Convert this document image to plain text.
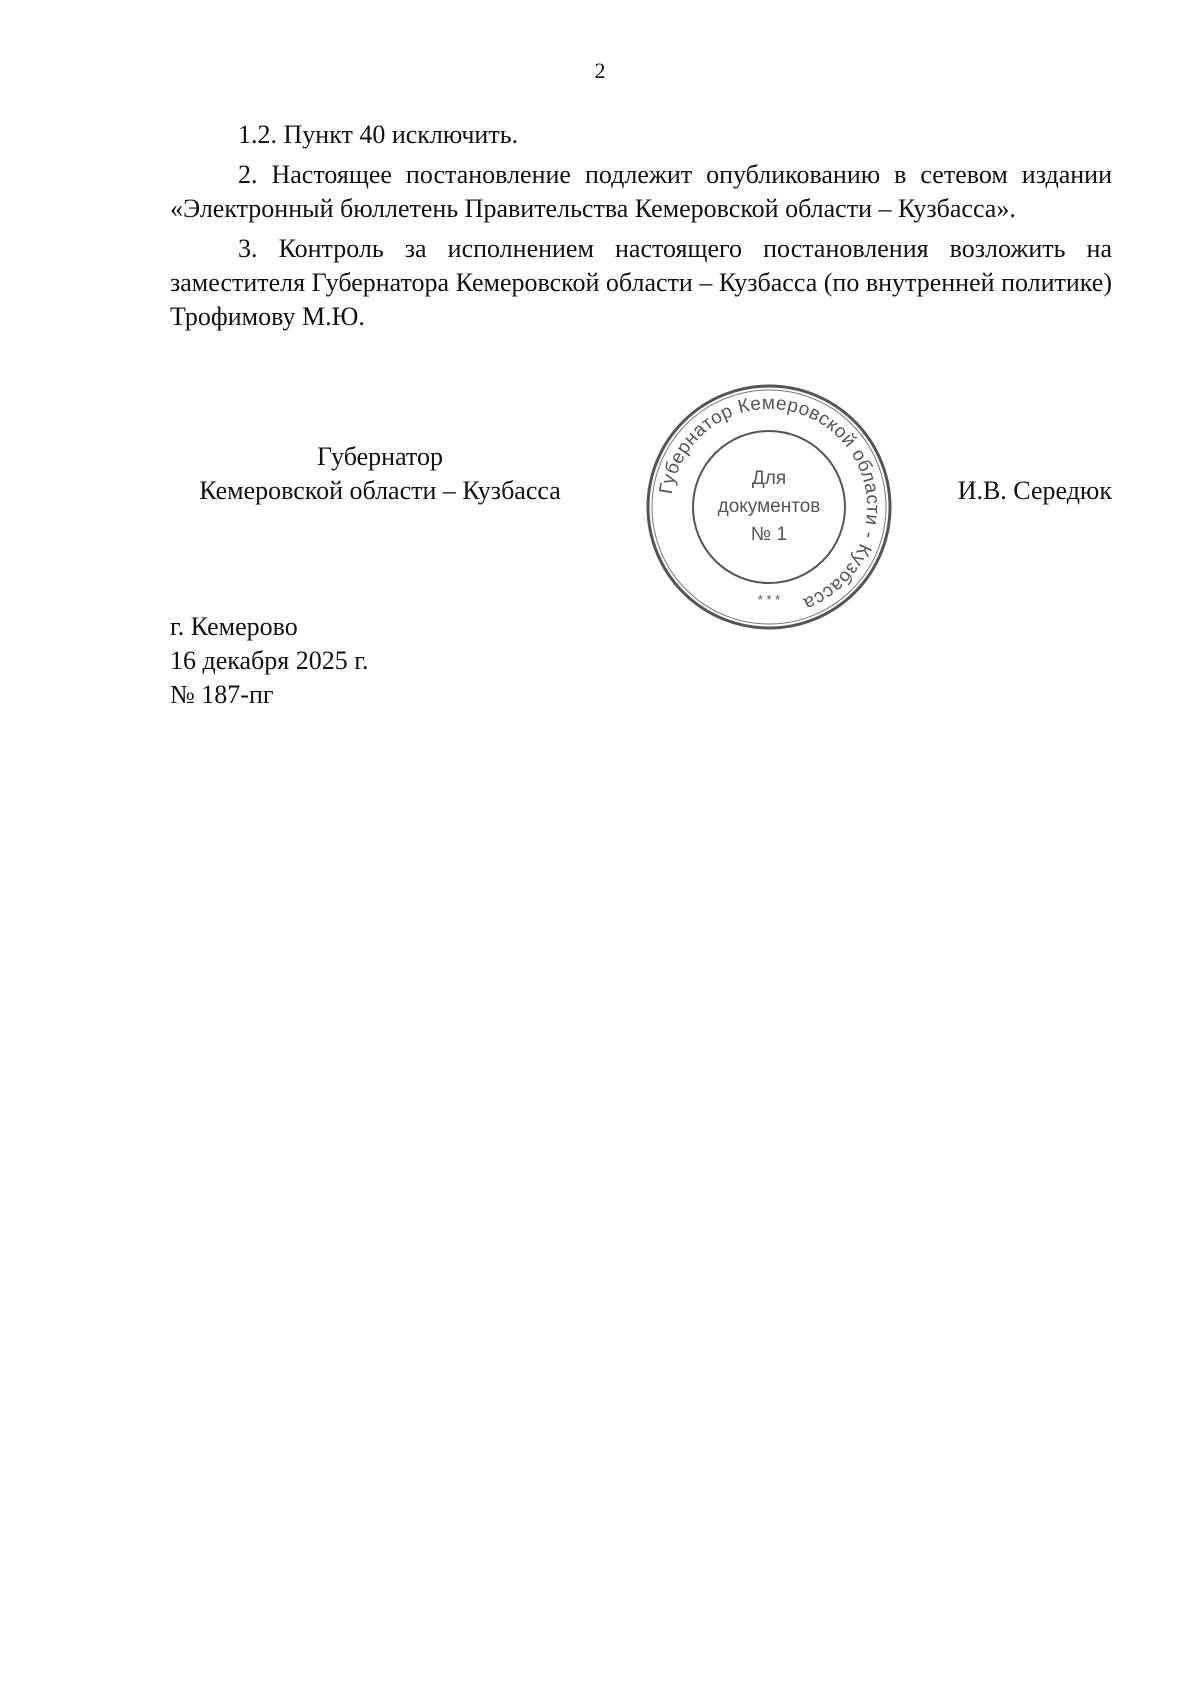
2

1.2. Пункт 40 исключить.

2. Настоящее постановление подлежит опубликованию в сетевом издании «Электронный бюллетень Правительства Кемеровской области – Кузбасса».

3. Контроль за исполнением настоящего постановления возложить на заместителя Губернатора Кемеровской области – Кузбасса (по внутренней политике) Трофимову М.Ю.

Губернатор
Кемеровской области – Кузбасса	Губернатор Кемеровской области - Кузбасса
Для
документов
№ 1
* * *
И.В. Середюк
г. Кемерово
16 декабря 2025 г.
№ 187-пг
